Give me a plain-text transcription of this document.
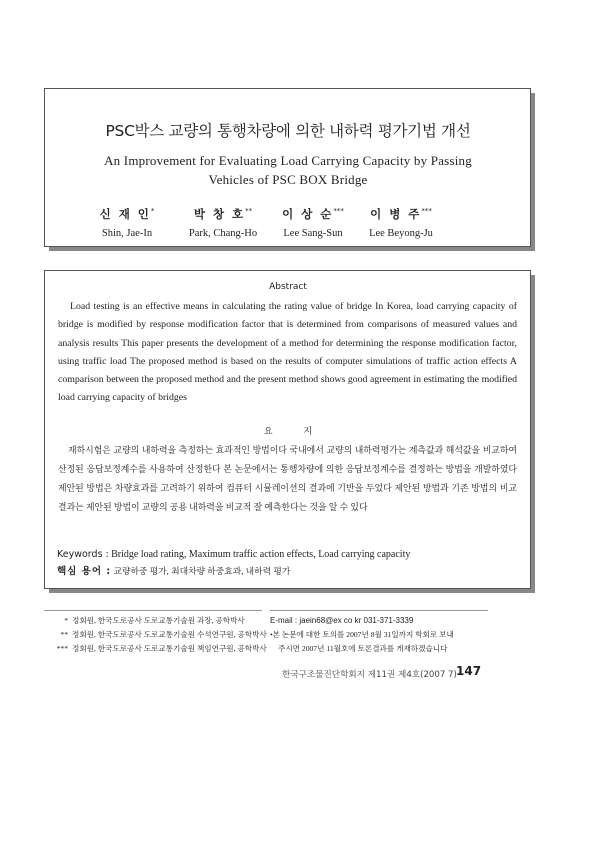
PSC박스 교량의 통행차량에 의한 내하력 평가기법 개선
An Improvement for Evaluating Load Carrying Capacity by Passing
Vehicles of PSC BOX Bridge
신 재 인*
Shin, Jae-In
박 창 호**
Park, Chang-Ho
이 상 순***
Lee Sang-Sun
이 병 주***
Lee Beyong-Ju
Abstract

Load testing is an effective means in calculating the rating value of bridge In Korea, load carrying capacity of bridge is modified by response modification factor that is determined from comparisons of measured values and analysis results This paper presents the development of a method for determining the response modification factor, using traffic load The proposed method is based on the results of computer simulations of traffic action effects A comparison between the proposed method and the present method shows good agreement in estimating the modified load carrying capacity of bridges

요 지

재하시험은 교량의 내하력을 측정하는 효과적인 방법이다 국내에서 교량의 내하력평가는 계측값과 해석값을 비교하여 산정된 응답보정계수를 사용하여 산정한다 본 논문에서는 통행차량에 의한 응답보정계수를 결정하는 방법을 개발하였다 제안된 방법은 차량효과를 고려하기 위하여 컴퓨터 시뮬레이션의 결과에 기반을 두었다 제안된 방법과 기존 방법의 비교결과는 제안된 방법이 교량의 공용 내하력을 비교적 잘 예측한다는 것을 알 수 있다

Keywords : Bridge load rating, Maximum traffic action effects, Load carrying capacity
핵심 용어 : 교량하중 평가, 최대차량 하중효과, 내하력 평가
* 정회원, 한국도로공사 도로교통기술원 과장, 공학박사
** 정회원, 한국도로공사 도로교통기술원 수석연구원, 공학박사
*** 정회원, 한국도로공사 도로교통기술원 책임연구원, 공학박사
E-mail : jaein68@ex co kr 031-371-3339
•본 논문에 대한 토의를 2007년 8월 31일까지 학회로 보내
주시면 2007년 11월호에 토론결과를 게재하겠습니다
한국구조물진단학회지 제11권 제4호(2007 7) 147
